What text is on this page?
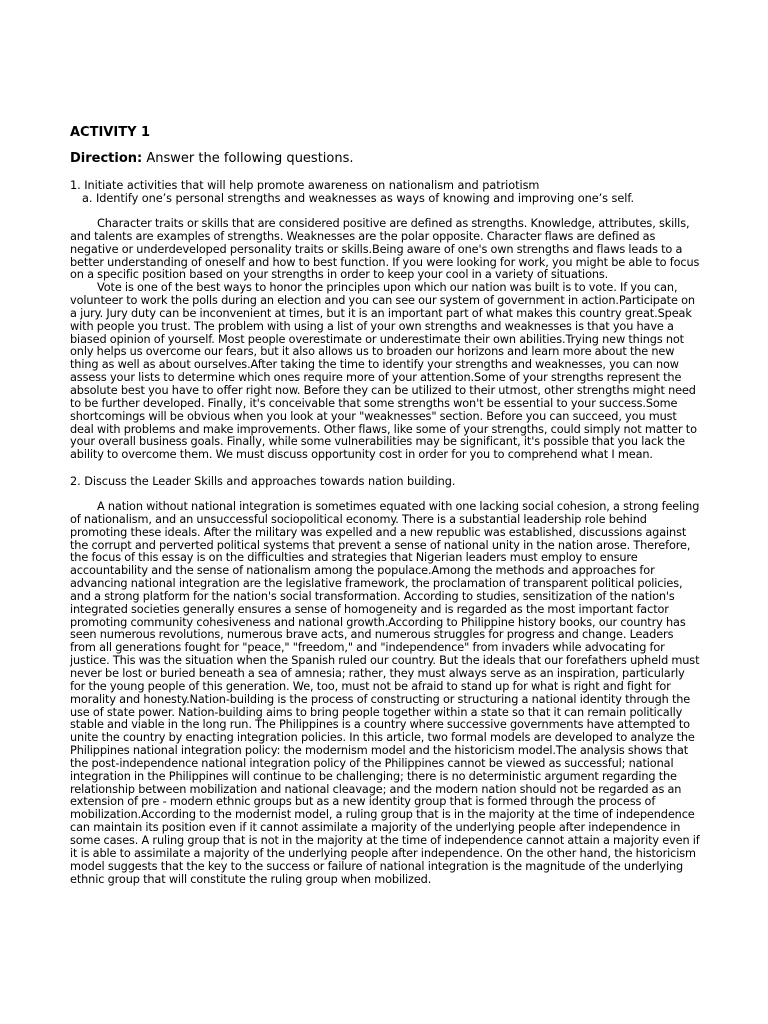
ACTIVITY 1

Direction: Answer the following questions.

1. Initiate activities that will help promote awareness on nationalism and patriotism

a. Identify one’s personal strengths and weaknesses as ways of knowing and improving one’s self.

Character traits or skills that are considered positive are defined as strengths. Knowledge, attributes, skills, and talents are examples of strengths. Weaknesses are the polar opposite. Character flaws are defined as negative or underdeveloped personality traits or skills.Being aware of one's own strengths and flaws leads to a better understanding of oneself and how to best function. If you were looking for work, you might be able to focus on a specific position based on your strengths in order to keep your cool in a variety of situations.

Vote is one of the best ways to honor the principles upon which our nation was built is to vote. If you can, volunteer to work the polls during an election and you can see our system of government in action.Participate on a jury. Jury duty can be inconvenient at times, but it is an important part of what makes this country great.Speak with people you trust. The problem with using a list of your own strengths and weaknesses is that you have a biased opinion of yourself. Most people overestimate or underestimate their own abilities.Trying new things not only helps us overcome our fears, but it also allows us to broaden our horizons and learn more about the new thing as well as about ourselves.After taking the time to identify your strengths and weaknesses, you can now assess your lists to determine which ones require more of your attention.Some of your strengths represent the absolute best you have to offer right now. Before they can be utilized to their utmost, other strengths might need to be further developed. Finally, it's conceivable that some strengths won't be essential to your success.Some shortcomings will be obvious when you look at your "weaknesses" section. Before you can succeed, you must deal with problems and make improvements. Other flaws, like some of your strengths, could simply not matter to your overall business goals. Finally, while some vulnerabilities may be significant, it's possible that you lack the ability to overcome them. We must discuss opportunity cost in order for you to comprehend what I mean.

2. Discuss the Leader Skills and approaches towards nation building.

A nation without national integration is sometimes equated with one lacking social cohesion, a strong feeling of nationalism, and an unsuccessful sociopolitical economy. There is a substantial leadership role behind promoting these ideals. After the military was expelled and a new republic was established, discussions against the corrupt and perverted political systems that prevent a sense of national unity in the nation arose. Therefore, the focus of this essay is on the difficulties and strategies that Nigerian leaders must employ to ensure accountability and the sense of nationalism among the populace.Among the methods and approaches for advancing national integration are the legislative framework, the proclamation of transparent political policies, and a strong platform for the nation's social transformation. According to studies, sensitization of the nation's integrated societies generally ensures a sense of homogeneity and is regarded as the most important factor promoting community cohesiveness and national growth.According to Philippine history books, our country has seen numerous revolutions, numerous brave acts, and numerous struggles for progress and change. Leaders from all generations fought for "peace," "freedom," and "independence" from invaders while advocating for justice. This was the situation when the Spanish ruled our country. But the ideals that our forefathers upheld must never be lost or buried beneath a sea of amnesia; rather, they must always serve as an inspiration, particularly for the young people of this generation. We, too, must not be afraid to stand up for what is right and fight for morality and honesty.Nation-building is the process of constructing or structuring a national identity through the use of state power. Nation-building aims to bring people together within a state so that it can remain politically stable and viable in the long run. The Philippines is a country where successive governments have attempted to unite the country by enacting integration policies. In this article, two formal models are developed to analyze the Philippines national integration policy: the modernism model and the historicism model.The analysis shows that the post-independence national integration policy of the Philippines cannot be viewed as successful; national integration in the Philippines will continue to be challenging; there is no deterministic argument regarding the relationship between mobilization and national cleavage; and the modern nation should not be regarded as an extension of pre - modern ethnic groups but as a new identity group that is formed through the process of mobilization.According to the modernist model, a ruling group that is in the majority at the time of independence can maintain its position even if it cannot assimilate a majority of the underlying people after independence in some cases. A ruling group that is not in the majority at the time of independence cannot attain a majority even if it is able to assimilate a majority of the underlying people after independence. On the other hand, the historicism model suggests that the key to the success or failure of national integration is the magnitude of the underlying ethnic group that will constitute the ruling group when mobilized.
